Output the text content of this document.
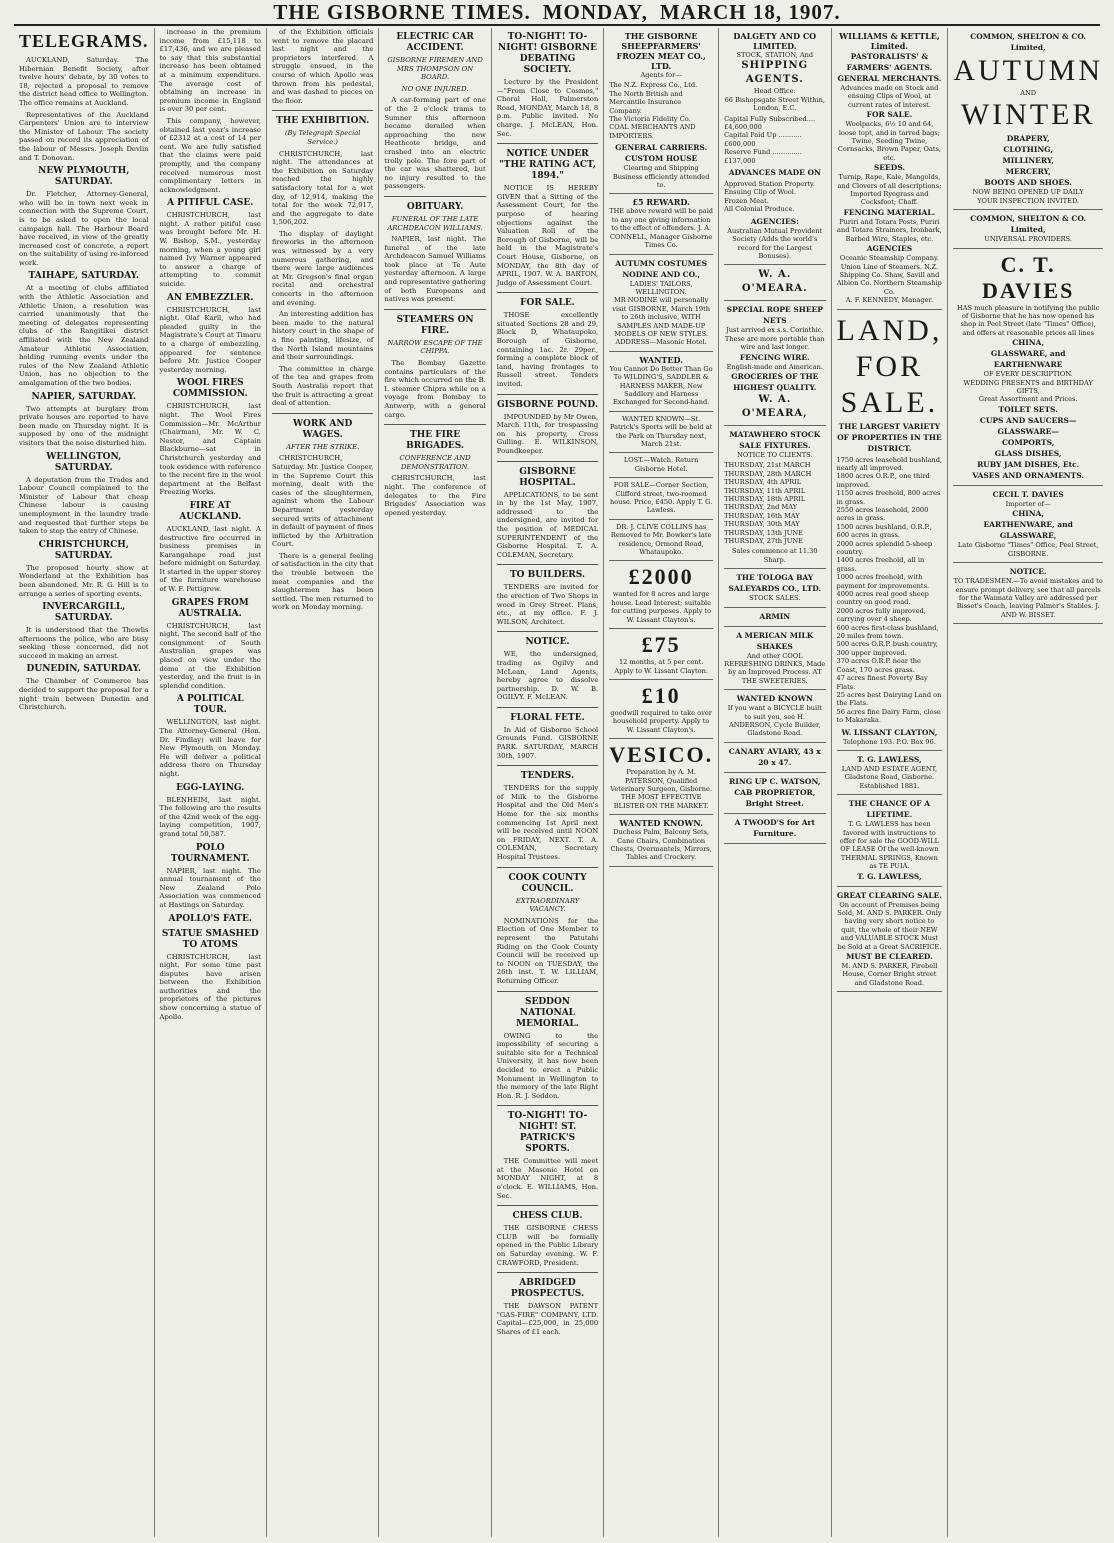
THE GISBORNE TIMES. MONDAY, MARCH 18, 1907.
TELEGRAMS.

AUCKLAND, Saturday. The Hibernian Benefit Society, after twelve hours' debate, by 30 votes to 18, rejected a proposal to remove the district head office to Wellington. The office remains at Auckland.

Representatives of the Auckland Carpenters' Union are to interview the Minister of Labour. The society passed on record its appreciation of the labour of Messrs. Joseph Devlin and T. Donovan.

NEW PLYMOUTH, SATURDAY.

Dr. Fletcher, Attorney-General, who will be in town next week in connection with the Supreme Court, is to be asked to open the local campaign hall. The Harbour Board have received, in view of the greatly increased cost of concrete, a report on the suitability of using re-inforced work.

TAIHAPE, SATURDAY.

At a meeting of clubs affiliated with the Athletic Association and Athletic Union, a resolution was carried unanimously that the meeting of delegates representing clubs of the Rangitikei district affiliated with the New Zealand Amateur Athletic Association, holding running events under the rules of the New Zealand Athletic Union, has no objection to the amalgamation of the two bodies.

NAPIER, SATURDAY.

Two attempts at burglary from private houses are reported to have been made on Thursday night. It is supposed by one of the midnight visitors that the noise disturbed him.

WELLINGTON, SATURDAY.

A deputation from the Trades and Labour Council complained to the Minister of Labour that cheap Chinese labour is causing unemployment in the laundry trade and requested that further steps be taken to stop the entry of Chinese.

CHRISTCHURCH, SATURDAY.

The proposed hourly show at Wonderland at the Exhibition has been abandoned. Mr. R. G. Hill is to arrange a series of sporting events.

INVERCARGILL, SATURDAY.

It is understood that the Thewlis afternoons the police, who are busy seeking those concerned, did not succeed in making an arrest.

DUNEDIN, SATURDAY.

The Chamber of Commerce has decided to support the proposal for a night train between Dunedin and Christchurch.

increase in the premium income from £15,118 to £17,436, and we are pleased to say that this substantial increase has been obtained at a minimum expenditure. The average cost of obtaining an increase in premium income in England is over 30 per cent.

This company, however, obtained last year's increase of £2312 at a cost of 14 per cent. We are fully satisfied that the claims were paid promptly, and the company received numerous most complimentary letters in acknowledgment.

A PITIFUL CASE.

CHRISTCHURCH, last night. A rather pitiful case was brought before Mr. H. W. Bishop, S.M., yesterday morning, when a young girl named Ivy Warner appeared to answer a charge of attempting to commit suicide.

AN EMBEZZLER.

CHRISTCHURCH, last night. Olaf Karll, who had pleaded guilty in the Magistrate's Court at Timaru to a charge of embezzling, appeared for sentence before Mr. Justice Cooper yesterday morning.

WOOL FIRES COMMISSION.

CHRISTCHURCH, last night. The Wool Fires Commission—Mr. McArthur (Chairman), Mr. W. C. Nestor, and Captain Blackburne—sat in Christchurch yesterday and took evidence with reference to the recent fire in the wool department at the Belfast Freezing Works.

FIRE AT AUCKLAND.

AUCKLAND, last night. A destructive fire occurred in business premises in Karangahape road just before midnight on Saturday. It started in the upper storey of the furniture warehouse of W. F. Pettigrew.

GRAPES FROM AUSTRALIA.

CHRISTCHURCH, last night. The second half of the consignment of South Australian grapes was placed on view under the dome at the Exhibition yesterday, and the fruit is in splendid condition.

A POLITICAL TOUR.

WELLINGTON, last night. The Attorney-General (Hon. Dr. Findlay) will leave for New Plymouth on Monday. He will deliver a political address there on Thursday night.

EGG-LAYING.

BLENHEIM, last night. The following are the results of the 42nd week of the egg-laying competition, 1907, grand total 50,587.

POLO TOURNAMENT.

NAPIER, last night. The annual tournament of the New Zealand Polo Association was commenced at Hastings on Saturday.

APOLLO'S FATE.
STATUE SMASHED TO ATOMS

CHRISTCHURCH, last night. For some time past disputes have arisen between the Exhibition authorities and the proprietors of the pictures show concerning a statue of Apollo.

of the Exhibition officials went to remove the placard last night and the proprietors interfered. A struggle ensued, in the course of which Apollo was thrown from his pedestal, and was dashed to pieces on the floor.

THE EXHIBITION.
(By Telegraph Special Service.)

CHRISTCHURCH, last night. The attendances at the Exhibition on Saturday reached the highly satisfactory total for a wet day, of 12,914, making the total for the week 72,917, and the aggregate to date 1,506,202.

The display of daylight fireworks in the afternoon was witnessed by a very numerous gathering, and there were large audiences at Mr. Gregson's final organ recital and orchestral concerts in the afternoon and evening.

An interesting addition has been made to the natural history court in the shape of a fine painting, lifesize, of the North Island mountains and their surroundings.

The committee in charge of the tea and grapes from South Australia report that the fruit is attracting a great deal of attention.

WORK AND WAGES.
AFTER THE STRIKE.

CHRISTCHURCH, Saturday. Mr. Justice Cooper, in the Supreme Court this morning, dealt with the cases of the slaughtermen, against whom the Labour Department yesterday secured writs of attachment in default of payment of fines inflicted by the Arbitration Court.

There is a general feeling of satisfaction in the city that the trouble between the meat companies and the slaughtermen has been settled. The men returned to work on Monday morning.

ELECTRIC CAR ACCIDENT.
GISBORNE FIREMEN AND MRS THOMPSON ON BOARD.
NO ONE INJURED.

A car-forming part of one of the 2 o'clock trams to Sumner this afternoon became derailed when approaching the new Heathcote bridge, and crashed into an electric trolly pole. The fore part of the car was shattered, but no injury resulted to the passengers.

OBITUARY.
FUNERAL OF THE LATE ARCHDEACON WILLIAMS.

NAPIER, last night. The funeral of the late Archdeacon Samuel Williams took place at Te Aute yesterday afternoon. A large and representative gathering of both Europeans and natives was present.

STEAMERS ON FIRE.
NARROW ESCAPE OF THE CHIPPA.

The Bombay Gazette contains particulars of the fire which occurred on the B. I. steamer Chipra while on a voyage from Bombay to Antwerp, with a general cargo.

THE FIRE BRIGADES.
CONFERENCE AND DEMONSTRATION.

CHRISTCHURCH, last night. The conference of delegates to the Fire Brigades' Association was opened yesterday.

TO-NIGHT! TO-NIGHT! GISBORNE DEBATING SOCIETY.

Lecture by the President—"From Close to Cosmos," Choral Hall, Palmerston Road, MONDAY, March 18, 8 p.m. Public invited. No charge. J. McLEAN, Hon. Sec.

NOTICE UNDER "THE RATING ACT, 1894."

NOTICE IS HEREBY GIVEN that a Sitting of the Assessment Court, for the purpose of hearing objections against the Valuation Roll of the Borough of Gisborne, will be held in the Magistrate's Court House, Gisborne, on MONDAY, the 8th day of APRIL, 1907. W. A. BARTON, Judge of Assessment Court.

FOR SALE.

THOSE excellently situated Sections 28 and 29, Block D, Whataupoko, Borough of Gisborne, containing 1ac. 2r. 29per., forming a complete block of land, having frontages to Russell street. Tenders invited.

GISBORNE POUND.

IMPOUNDED by Mr Owen, March 11th, for trespassing on his property, Cross Gulling. E. WILKINSON, Poundkeeper.

GISBORNE HOSPITAL.

APPLICATIONS, to be sent in by the 1st May, 1907, addressed to the undersigned, are invited for the position of MEDICAL SUPERINTENDENT of the Gisborne Hospital. T. A. COLEMAN, Secretary.

TO BUILDERS.

TENDERS are invited for the erection of Two Shops in wood in Grey Street. Plans, etc., at my office. F. J. WILSON, Architect.

NOTICE.

WE, the undersigned, trading as Ogilvy and McLean, Land Agents, hereby agree to dissolve partnership. D. W. B. OGILVY. F. McLEAN.

FLORAL FETE.

In Aid of Gisborne School Grounds Fund. GISBORNE PARK. SATURDAY, MARCH 30th, 1907.

TENDERS.

TENDERS for the supply of Milk to the Gisborne Hospital and the Old Men's Home for the six months commencing 1st April next will be received until NOON on FRIDAY, NEXT. T. A. COLEMAN, Secretary Hospital Trustees.

COOK COUNTY COUNCIL.
EXTRAORDINARY VACANCY.

NOMINATIONS for the Election of One Member to represent the Patutahi Riding on the Cook County Council will be received up to NOON on TUESDAY, the 26th inst. T. W. LILLIAM, Returning Officer.

SEDDON NATIONAL MEMORIAL.

OWING to the impossibility of securing a suitable site for a Technical University, it has now been decided to erect a Public Monument in Wellington to the memory of the late Right Hon. R. J. Seddon.

TO-NIGHT! TO-NIGHT! ST. PATRICK'S SPORTS.

THE Committee will meet at the Masonic Hotel on MONDAY NIGHT, at 8 o'clock. E. WILLIAMS, Hon. Sec.

CHESS CLUB.

THE GISBORNE CHESS CLUB will be formally opened in the Public Library on Saturday evening. W. F. CRAWFORD, President.

ABRIDGED PROSPECTUS.

THE DAWSON PATENT "GAS-FIRE" COMPANY, LTD. Capital—£25,000, in 25,000 Shares of £1 each.

THE GISBORNE SHEEPFARMERS' FROZEN MEAT CO., LTD.
Agents for—
The N.Z. Express Co., Ltd.
The North British and Mercantile Insurance Company.
The Victoria Fidelity Co.
COAL MERCHANTS AND IMPORTERS.
GENERAL CARRIERS.
CUSTOM HOUSE
Clearing and Shipping Business efficiently attended to.
£5 REWARD.
THE above reward will be paid to any one giving information to the effect of offenders. J. A. CONNELL, Manager Gisborne Times Co.
AUTUMN COSTUMES
NODINE AND CO.,
LADIES' TAILORS, WELLINGTON.
MR NODINE will personally visit GISBORNE, March 19th to 26th inclusive, WITH SAMPLES AND MADE-UP MODELS OF NEW STYLES.
ADDRESS—Masonic Hotel.
WANTED.
You Cannot Do Better Than Go To WILDING'S, SADDLER & HARNESS MAKER, New Saddlery and Harness Exchanged for Second-hand.
WANTED KNOWN—St. Patrick's Sports will be held at the Park on Thursday next, March 21st.
LOST.—Watch. Return Gisborne Hotel.
FOR SALE—Corner Section, Clifford street, two-roomed house. Price, £450. Apply T. G. Lawless.
DR. J. CLIVE COLLINS has Removed to Mr. Bowker's late residence, Ormond Road, Whataupoko.
£2000
wanted for 8 acres and large house. Lead Interest; suitable for cutting purposes. Apply to W. Lissant Clayton's.
£75
12 months, at 5 per cent. Apply to W. Lissant Clayton.
£10
goodwill required to take over household property. Apply to W. Lissant Clayton's.
VESICO.
Preparation by A. M. PATERSON, Qualified Veterinary Surgeon, Gisborne. THE MOST EFFECTIVE BLISTER ON THE MARKET.
WANTED KNOWN.
Duchess Palm, Balcony Sets, Cane Chairs, Combination Chests, Overmantels, Mirrors, Tables and Crockery.
DALGETY AND CO LIMITED.
STOCK, STATION, And
SHIPPING AGENTS.
Head Office:
66 Bishopsgate Street Within, London, E.C.
Capital Fully Subscribed....£4,600,000
Capital Paid Up ........... £600,000
Reserve Fund .............. £137,000
ADVANCES MADE ON
Approved Station Property.
Ensuing Clip of Wool.
Frozen Meat.
All Colonial Produce.
AGENCIES:
Australian Mutual Provident Society (Adds the world's record for the Largest Bonuses).
W. A. O'MEARA.
SPECIAL ROPE SHEEP NETS
Just arrived ex s.s. Corinthic. These are more portable than wire and last longer.
FENCING WIRE.
English-made and American.
GROCERIES OF THE HIGHEST QUALITY.
W. A. O'MEARA,
MATAWHERO STOCK SALE FIXTURES.
NOTICE TO CLIENTS.
THURSDAY, 21st MARCH
THURSDAY, 28th MARCH
THURSDAY, 4th APRIL
THURSDAY, 11th APRIL
THURSDAY, 18th APRIL
THURSDAY, 2nd MAY
THURSDAY, 16th MAY
THURSDAY, 30th MAY
THURSDAY, 13th JUNE
THURSDAY, 27th JUNE
Sales commence at 11.30 Sharp.
THE TOLOGA BAY SALEYARDS CO., LTD.
STOCK SALES.
ARMIN
A MERICAN MILK SHAKES
And other COOL REFRESHING DRINKS, Made by an Improved Process. AT THE SWEETERIES.
WANTED KNOWN
If you want a BICYCLE built to suit you, see H. ANDERSON, Cycle Builder, Gladstone Road.
CANARY AVIARY, 43 x 20 x 47.
RING UP C. WATSON, CAB PROPRIETOR, Bright Street.
A TWOOD'S for Art Furniture.
WILLIAMS & KETTLE, Limited.
PASTORALISTS' & FARMERS' AGENTS. GENERAL MERCHANTS.
Advances made on Stock and ensuing Clips of Wool, at current rates of interest.
FOR SALE.
Woolpacks, 6½ 10 and 64, loose topt, and in tarred bags; Twine, Seeding Twine, Cornsacks, Brown Paper, Oats, etc.
SEEDS.
Turnip, Rape, Kale, Mangolds, and Clovers of all descriptions; Imported Ryegrass and Cocksfoot; Chaff.
FENCING MATERIAL.
Puriri and Totara Posts, Puriri and Totara Strainers, Ironbark, Barbed Wire, Staples, etc.
AGENCIES
Oceanic Steamship Company. Union Line of Steamers. N.Z. Shipping Co. Shaw, Savill and Albion Co. Northern Steamship Co.
A. F. KENNEDY, Manager.
LAND,
FOR
SALE.
THE LARGEST VARIETY OF PROPERTIES IN THE DISTRICT.
1750 acres leasehold bushland, nearly all improved.
1800 acres O.R.P., one third improved.
1150 acres freehold, 800 acres in grass.
2550 acres leasehold, 2000 acres in grass.
1500 acres bushland, O.R.P., 600 acres in grass.
2000 acres splendid 5-sheep country.
1400 acres freehold, all in grass.
1000 acres freehold, with payment for improvements.
4000 acres real good sheep country on good road.
2000 acres fully improved, carrying over 4 sheep.
600 acres first-class bushland, 20 miles from town.
500 acres O.R.P. bush country, 300 upper improved.
370 acres O.R.P. near the Coast, 170 acres grass.
47 acres finest Poverty Bay Flats.
25 acres best Dairying Land on the Flats.
56 acres fine Dairy Farm, close to Makaraka.
W. LISSANT CLAYTON,
Telephone 193. P.O. Box 96.
T. G. LAWLESS,
LAND AND ESTATE AGENT, Gladstone Road, Gisborne. Established 1881.
THE CHANCE OF A LIFETIME.
T. G. LAWLESS has been favored with instructions to offer for sale the GOOD-WILL OF LEASE Of the well-known THERMAL SPRINGS, Known as TE PUIA.
T. G. LAWLESS,
GREAT CLEARING SALE.
On account of Premises being Sold, M. AND S. PARKER. Only having very short notice to quit, the whole of their NEW and VALUABLE STOCK Must be Sold at a Great SACRIFICE.
MUST BE CLEARED.
M. AND S. PARKER, Firebell House, Corner Bright street and Gladstone Road.
COMMON, SHELTON & CO. Limited,
AUTUMN
AND
WINTER
DRAPERY,
CLOTHING,
MILLINERY,
MERCERY,
BOOTS AND SHOES.
NOW BEING OPENED UP DAILY
YOUR INSPECTION INVITED.
COMMON, SHELTON & CO. Limited,
UNIVERSAL PROVIDERS.
C. T. DAVIES
HAS much pleasure in notifying the public of Gisborne that he has now opened his shop in Peel Street (late "Times" Office), and offers at reasonable prices all lines
CHINA,
GLASSWARE, and
EARTHENWARE
OF EVERY DESCRIPTION.
WEDDING PRESENTS and BIRTHDAY GIFTS,
Great Assortment and Prices.
TOILET SETS.
CUPS AND SAUCERS—
GLASSWARE—
COMPORTS,
GLASS DISHES,
RUBY JAM DISHES, Etc.
VASES AND ORNAMENTS.
CECIL T. DAVIES
Importer of—
CHINA,
EARTHENWARE, and
GLASSWARE,
Late Gisborne "Times" Office, Peel Street, GISBORNE.
NOTICE.
TO TRADESMEN.—To avoid mistakes and to ensure prompt delivery, see that all parcels for the Waimata Valley are addressed per Bisset's Coach, leaving Palmer's Stables. J. AND W. BISSET.
